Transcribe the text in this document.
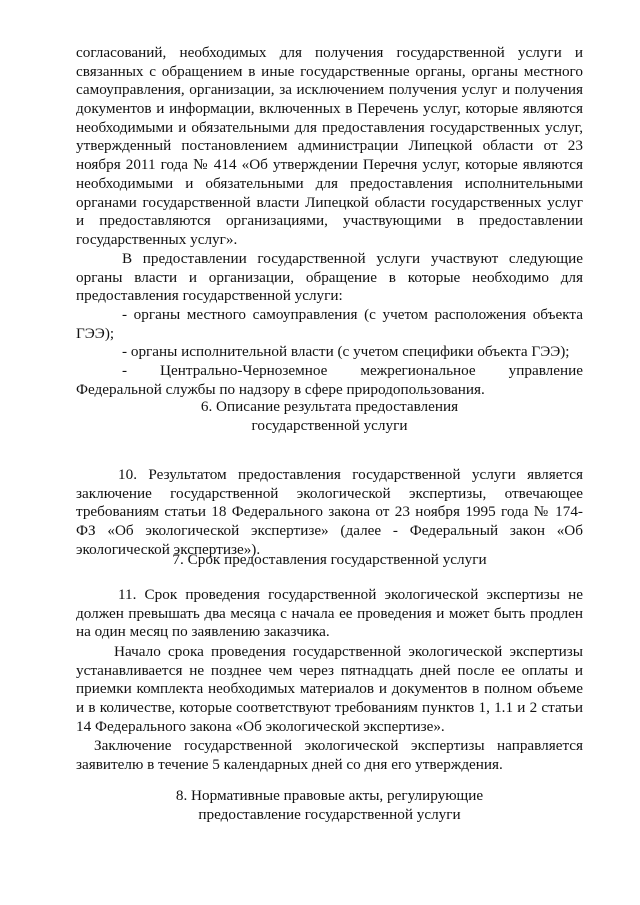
согласований, необходимых для получения государственной услуги и
связанных с обращением в иные государственные органы, органы местного
самоуправления, организации, за исключением получения услуг и получения
документов и информации, включенных в Перечень услуг, которые являются
необходимыми и обязательными для предоставления государственных услуг,
утвержденный постановлением администрации Липецкой области от 23
ноября 2011 года № 414 «Об утверждении Перечня услуг, которые являются
необходимыми и обязательными для предоставления исполнительными
органами государственной власти Липецкой области государственных услуг
и предоставляются организациями, участвующими в предоставлении
государственных услуг».
В предоставлении государственной услуги участвуют следующие
органы власти и организации, обращение в которые необходимо для
предоставления государственной услуги:
- органы местного самоуправления (с учетом расположения объекта
ГЭЭ);
- органы исполнительной власти (с учетом специфики объекта ГЭЭ);
- Центрально-Черноземное межрегиональное управление
Федеральной службы по надзору в сфере природопользования.
6. Описание результата предоставления
государственной услуги
10. Результатом предоставления государственной услуги является
заключение государственной экологической экспертизы, отвечающее
требованиям статьи 18 Федерального закона от 23 ноября 1995 года № 174-
ФЗ «Об экологической экспертизе» (далее - Федеральный закон «Об
экологической экспертизе»).
7. Срок предоставления государственной услуги
11. Срок проведения государственной экологической экспертизы не
должен превышать два месяца с начала ее проведения и может быть продлен
на один месяц по заявлению заказчика.
Начало срока проведения государственной экологической экспертизы
устанавливается не позднее чем через пятнадцать дней после ее оплаты и
приемки комплекта необходимых материалов и документов в полном объеме
и в количестве, которые соответствуют требованиям пунктов 1, 1.1 и 2 статьи
14 Федерального закона «Об экологической экспертизе».
Заключение государственной экологической экспертизы направляется
заявителю в течение 5 календарных дней со дня его утверждения.
8. Нормативные правовые акты, регулирующие
предоставление государственной услуги
